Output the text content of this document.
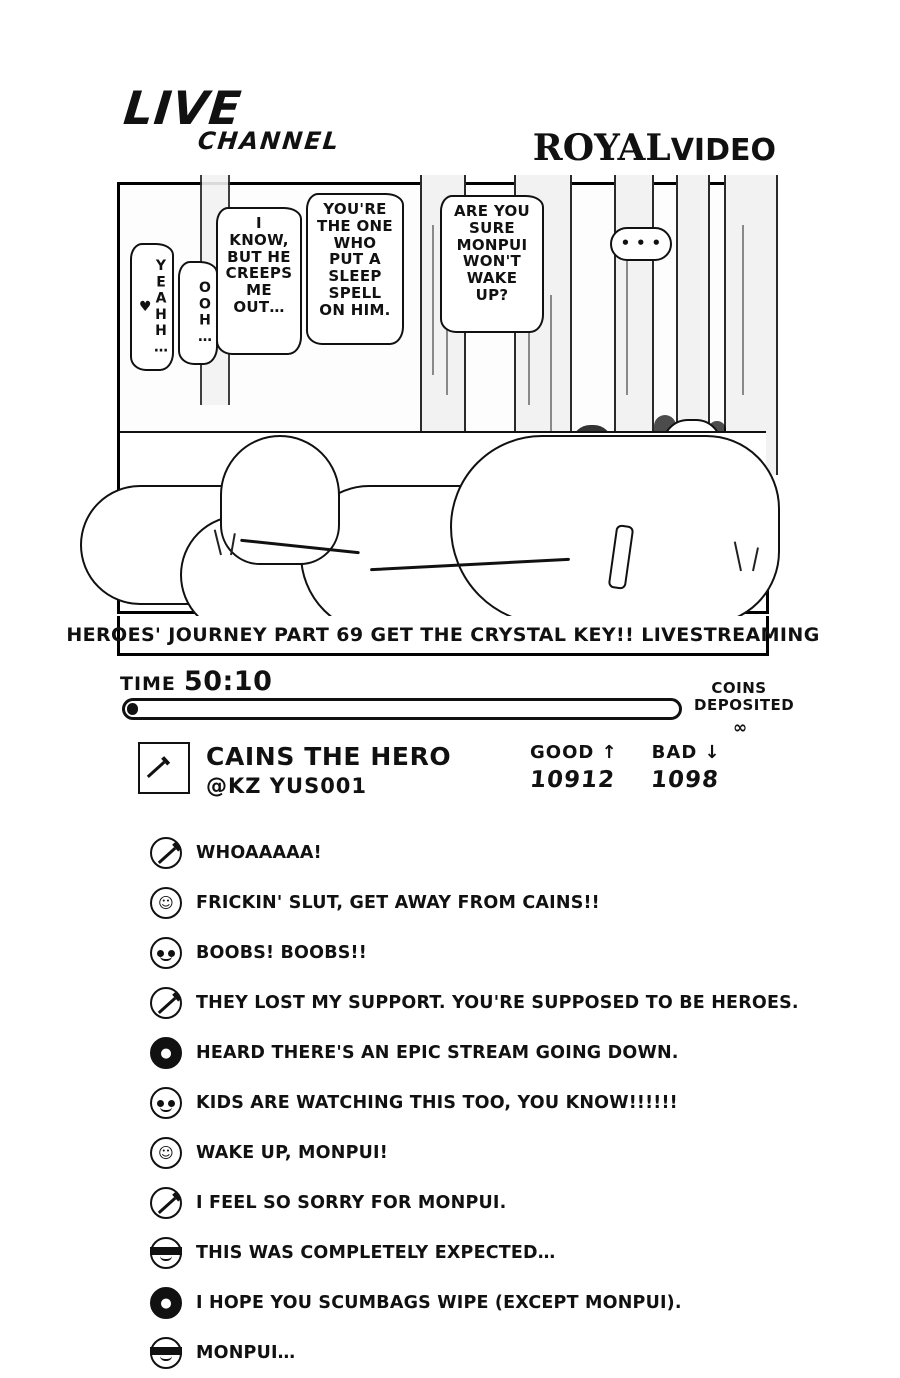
LIVE
CHANNEL	ROYALVIDEO
YEAHH… ♥	OOH…
I KNOW, BUT HE CREEPS ME OUT…
YOU'RE THE ONE WHO PUT A SLEEP SPELL ON HIM.
ARE YOU SURE MONPUI WON'T WAKE UP?
• • •
HEROES' JOURNEY PART 69 GET THE CRYSTAL KEY!! LIVESTREAMING
TIME 50:10	COINS
DEPOSITED
∞
CAINS THE HERO
@KZ YUS001
GOOD ↑ BAD ↓
10912 1098
WHOAAAAA!
☺ FRICKIN' SLUT, GET AWAY FROM CAINS!!
BOOBS! BOOBS!!
THEY LOST MY SUPPORT. YOU'RE SUPPOSED TO BE HEROES.
● HEARD THERE'S AN EPIC STREAM GOING DOWN.
KIDS ARE WATCHING THIS TOO, YOU KNOW!!!!!!
☺ WAKE UP, MONPUI!
I FEEL SO SORRY FOR MONPUI.
THIS WAS COMPLETELY EXPECTED…
● I HOPE YOU SCUMBAGS WIPE (EXCEPT MONPUI).
MONPUI…
